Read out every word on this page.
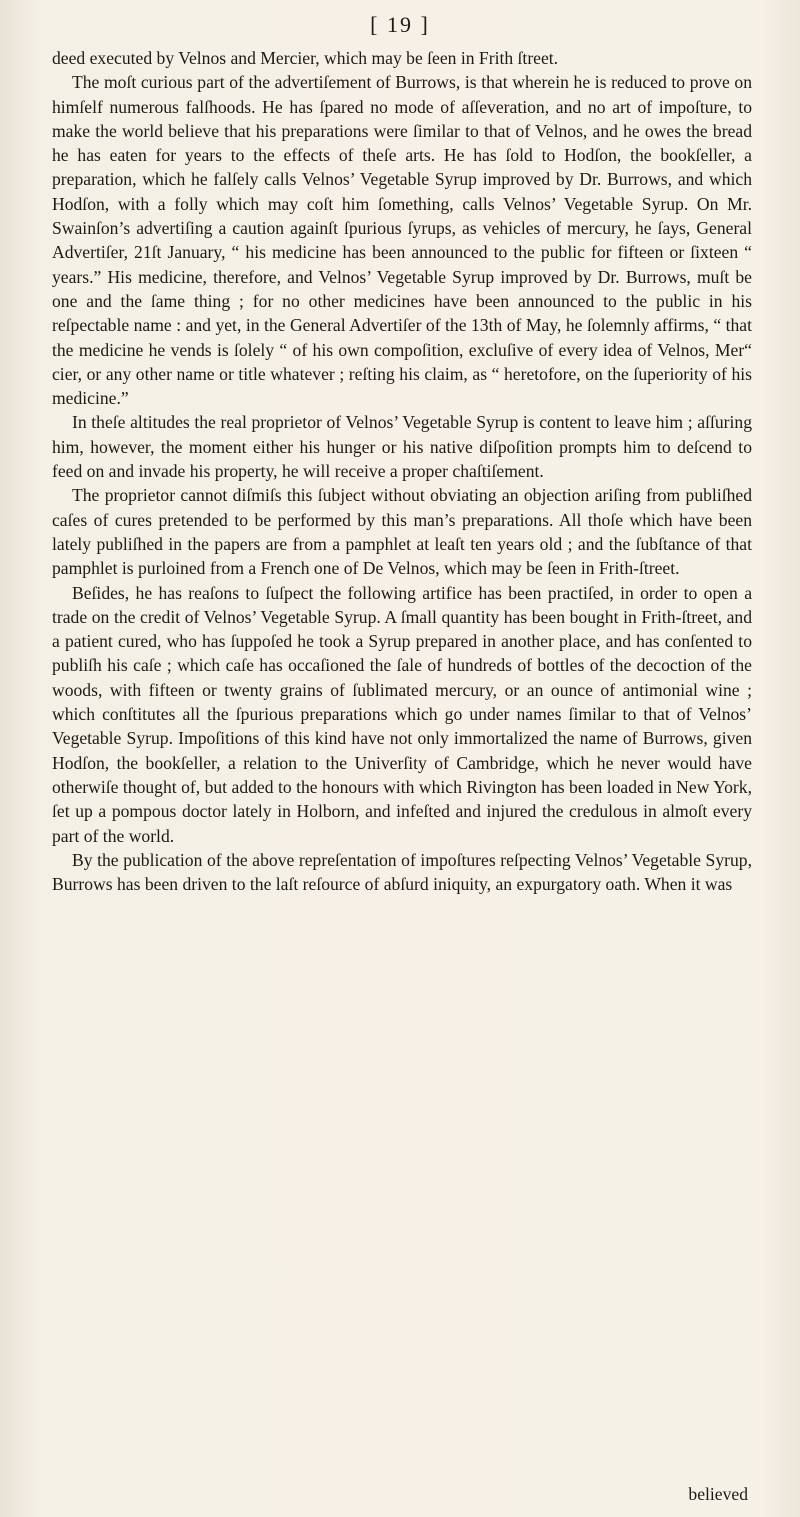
[ 19 ]

deed executed by Velnos and Mercier, which may be ſeen in Frith ſtreet.

The moſt curious part of the advertiſement of Burrows, is that wherein he is reduced to prove on himſelf numerous falſhoods. He has ſpared no mode of aſſeveration, and no art of impoſture, to make the world believe that his preparations were ſimilar to that of Velnos, and he owes the bread he has eaten for years to the effects of theſe arts. He has ſold to Hodſon, the bookſeller, a preparation, which he falſely calls Velnos’ Vegetable Syrup improved by Dr. Burrows, and which Hodſon, with a folly which may coſt him ſomething, calls Velnos’ Vegetable Syrup. On Mr. Swainſon’s advertiſing a caution againſt ſpurious ſyrups, as vehicles of mercury, he ſays, General Advertiſer, 21ſt January, “ his medicine has been announced to the public for fifteen or ſixteen “ years.” His medicine, therefore, and Velnos’ Vegetable Syrup improved by Dr. Burrows, muſt be one and the ſame thing ; for no other medicines have been announced to the public in his reſpectable name : and yet, in the General Advertiſer of the 13th of May, he ſolemnly affirms, “ that the medicine he vends is ſolely “ of his own compoſition, excluſive of every idea of Velnos, Mer“ cier, or any other name or title whatever ; reſting his claim, as “ heretofore, on the ſuperiority of his medicine.”

In theſe altitudes the real proprietor of Velnos’ Vegetable Syrup is content to leave him ; aſſuring him, however, the moment either his hunger or his native diſpoſition prompts him to deſcend to feed on and invade his property, he will receive a proper chaſtiſement.

The proprietor cannot diſmiſs this ſubject without obviating an objection ariſing from publiſhed caſes of cures pretended to be performed by this man’s preparations. All thoſe which have been lately publiſhed in the papers are from a pamphlet at leaſt ten years old ; and the ſubſtance of that pamphlet is purloined from a French one of De Velnos, which may be ſeen in Frith-ſtreet.

Beſides, he has reaſons to ſuſpect the following artifice has been practiſed, in order to open a trade on the credit of Velnos’ Vegetable Syrup. A ſmall quantity has been bought in Frith-ſtreet, and a patient cured, who has ſuppoſed he took a Syrup prepared in another place, and has conſented to publiſh his caſe ; which caſe has occaſioned the ſale of hundreds of bottles of the decoction of the woods, with fifteen or twenty grains of ſublimated mercury, or an ounce of antimonial wine ; which conſtitutes all the ſpurious preparations which go under names ſimilar to that of Velnos’ Vegetable Syrup. Impoſitions of this kind have not only immortalized the name of Burrows, given Hodſon, the bookſeller, a relation to the Univerſity of Cambridge, which he never would have otherwiſe thought of, but added to the honours with which Rivington has been loaded in New York, ſet up a pompous doctor lately in Holborn, and infeſted and injured the credulous in almoſt every part of the world.

By the publication of the above repreſentation of impoſtures reſpecting Velnos’ Vegetable Syrup, Burrows has been driven to the laſt reſource of abſurd iniquity, an expurgatory oath. When it was

believed
